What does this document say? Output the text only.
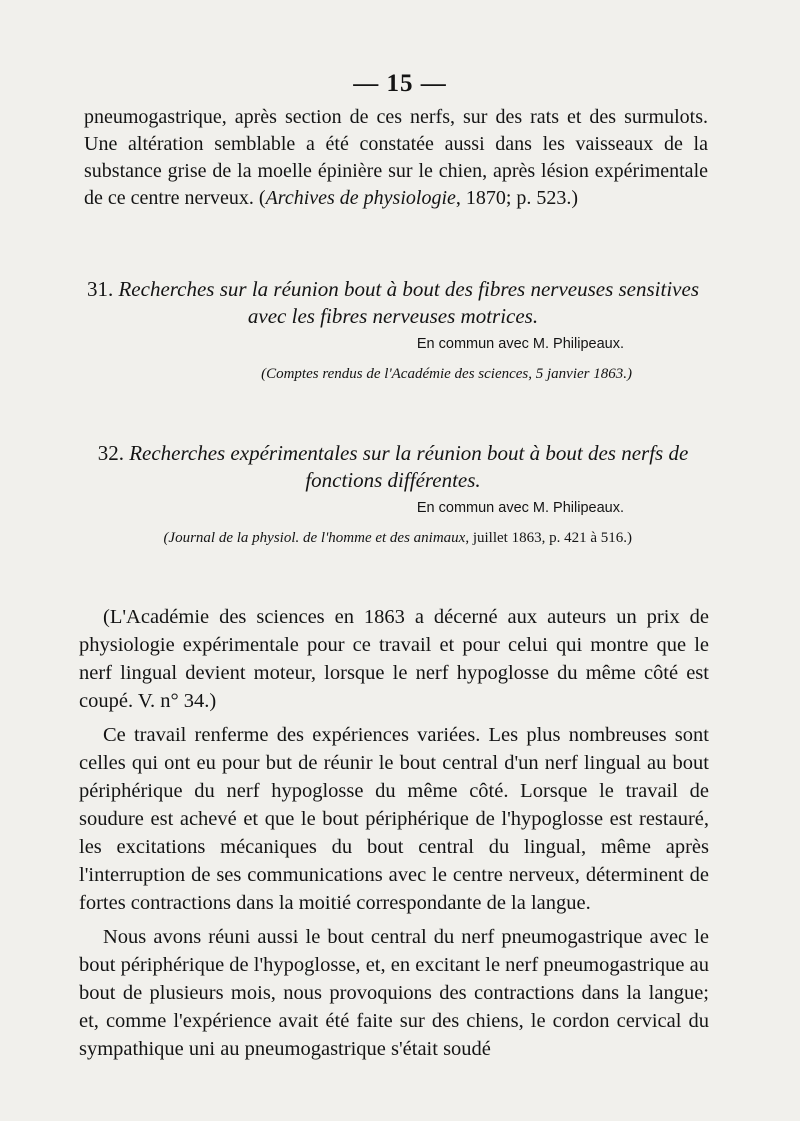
— 15 —
pneumogastrique, après section de ces nerfs, sur des rats et des surmulots. Une altération semblable a été constatée aussi dans les vaisseaux de la substance grise de la moelle épinière sur le chien, après lésion expérimentale de ce centre nerveux. (Archives de physiologie, 1870; p. 523.)
31. Recherches sur la réunion bout à bout des fibres nerveuses sensitives avec les fibres nerveuses motrices.
En commun avec M. Philipeaux.
(Comptes rendus de l'Académie des sciences, 5 janvier 1863.)
32. Recherches expérimentales sur la réunion bout à bout des nerfs de fonctions différentes.
En commun avec M. Philipeaux.
(Journal de la physiol. de l'homme et des animaux, juillet 1863, p. 421 à 516.)

(L'Académie des sciences en 1863 a décerné aux auteurs un prix de physiologie expérimentale pour ce travail et pour celui qui montre que le nerf lingual devient moteur, lorsque le nerf hypoglosse du même côté est coupé. V. n° 34.)

Ce travail renferme des expériences variées. Les plus nombreuses sont celles qui ont eu pour but de réunir le bout central d'un nerf lingual au bout périphérique du nerf hypoglosse du même côté. Lorsque le travail de soudure est achevé et que le bout périphérique de l'hypoglosse est restauré, les excitations mécaniques du bout central du lingual, même après l'interruption de ses communications avec le centre nerveux, déterminent de fortes contractions dans la moitié correspondante de la langue.

Nous avons réuni aussi le bout central du nerf pneumogastrique avec le bout périphérique de l'hypoglosse, et, en excitant le nerf pneumogastrique au bout de plusieurs mois, nous provoquions des contractions dans la langue; et, comme l'expérience avait été faite sur des chiens, le cordon cervical du sympathique uni au pneumogastrique s'était soudé
